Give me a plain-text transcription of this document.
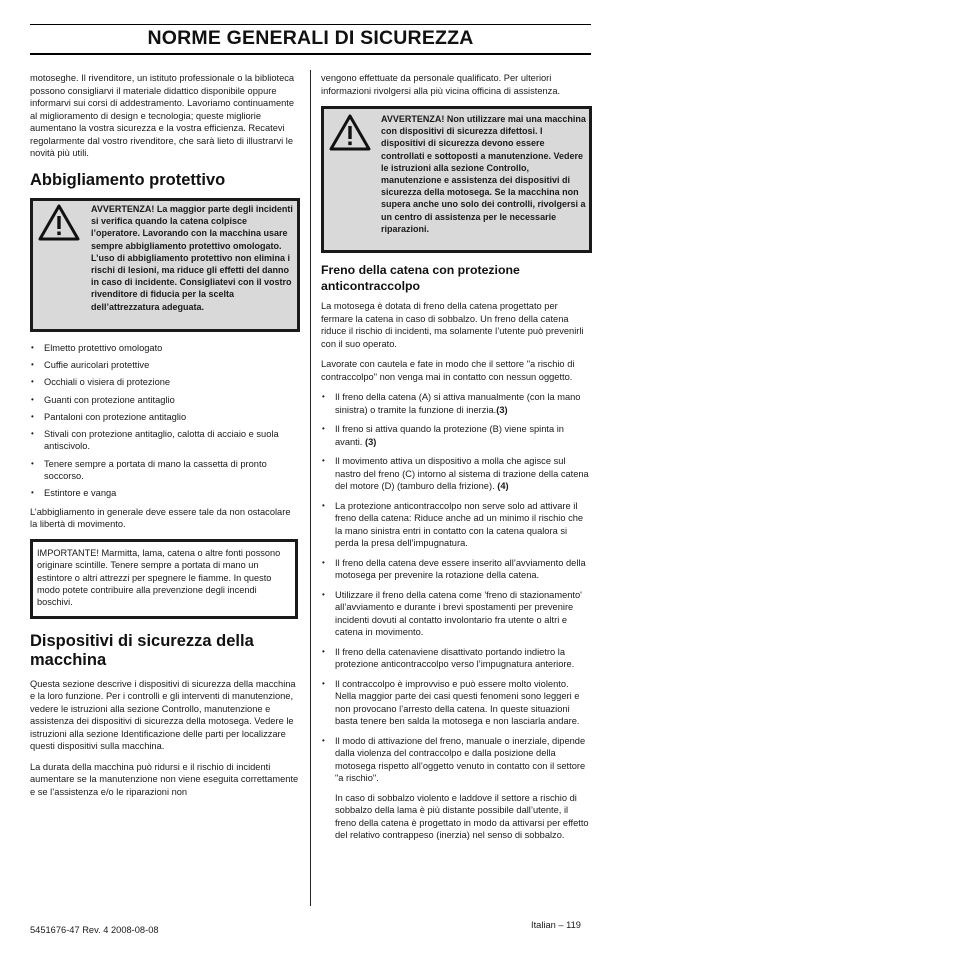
NORME GENERALI DI SICUREZZA

motoseghe. Il rivenditore, un istituto professionale o la biblioteca possono consigliarvi il materiale didattico disponibile oppure informarvi sui corsi di addestramento. Lavoriamo continuamente al miglioramento di design e tecnologia; queste migliorie aumentano la vostra sicurezza e la vostra efficienza. Recatevi regolarmente dal vostro rivenditore, che sarà lieto di illustrarvi le novità più utili.

Abbigliamento protettivo
AVVERTENZA! La maggior parte degli incidenti si verifica quando la catena colpisce l’operatore. Lavorando con la macchina usare sempre abbigliamento protettivo omologato. L’uso di abbigliamento protettivo non elimina i rischi di lesioni, ma riduce gli effetti del danno in caso di incidente. Consigliatevi con il vostro rivenditore di fiducia per la scelta dell’attrezzatura adeguata.
• Elmetto protettivo omologato
• Cuffie auricolari protettive
• Occhiali o visiera di protezione
• Guanti con protezione antitaglio
• Pantaloni con protezione antitaglio
• Stivali con protezione antitaglio, calotta di acciaio e suola antiscivolo.
• Tenere sempre a portata di mano la cassetta di pronto soccorso.
• Estintore e vanga

L’abbigliamento in generale deve essere tale da non ostacolare la libertà di movimento.

IMPORTANTE! Marmitta, lama, catena o altre fonti possono originare scintille. Tenere sempre a portata di mano un estintore o altri attrezzi per spegnere le fiamme. In questo modo potete contribuire alla prevenzione degli incendi boschivi.
Dispositivi di sicurezza della macchina

Questa sezione descrive i dispositivi di sicurezza della macchina e la loro funzione. Per i controlli e gli interventi di manutenzione, vedere le istruzioni alla sezione Controllo, manutenzione e assistenza dei dispositivi di sicurezza della motosega. Vedere le istruzioni alla sezione Identificazione delle parti per localizzare questi dispositivi sulla macchina.

La durata della macchina può ridursi e il rischio di incidenti aumentare se la manutenzione non viene eseguita correttamente e se l’assistenza e/o le riparazioni non

vengono effettuate da personale qualificato. Per ulteriori informazioni rivolgersi alla più vicina officina di assistenza.

AVVERTENZA! Non utilizzare mai una macchina con dispositivi di sicurezza difettosi. I dispositivi di sicurezza devono essere controllati e sottoposti a manutenzione. Vedere le istruzioni alla sezione Controllo, manutenzione e assistenza dei dispositivi di sicurezza della motosega. Se la macchina non supera anche uno solo dei controlli, rivolgersi a un centro di assistenza per le necessarie riparazioni.
Freno della catena con protezione anticontraccolpo

La motosega è dotata di freno della catena progettato per fermare la catena in caso di sobbalzo. Un freno della catena riduce il rischio di incidenti, ma solamente l’utente può prevenirli con il suo operato.

Lavorate con cautela e fate in modo che il settore "a rischio di contraccolpo" non venga mai in contatto con nessun oggetto.

• Il freno della catena (A) si attiva manualmente (con la mano sinistra) o tramite la funzione di inerzia.(3)
• Il freno si attiva quando la protezione (B) viene spinta in avanti. (3)
• Il movimento attiva un dispositivo a molla che agisce sul nastro del freno (C) intorno al sistema di trazione della catena del motore (D) (tamburo della frizione). (4)
• La protezione anticontraccolpo non serve solo ad attivare il freno della catena: Riduce anche ad un minimo il rischio che la mano sinistra entri in contatto con la catena qualora si perda la presa dell’impugnatura.
• Il freno della catena deve essere inserito all’avviamento della motosega per prevenire la rotazione della catena.
• Utilizzare il freno della catena come 'freno di stazionamento' all’avviamento e durante i brevi spostamenti per prevenire incidenti dovuti al contatto involontario fra utente o altri e catena in movimento.
• Il freno della catenaviene disattivato portando indietro la protezione anticontraccolpo verso l’impugnatura anteriore.
• Il contraccolpo è improvviso e può essere molto violento. Nella maggior parte dei casi questi fenomeni sono leggeri e non provocano l’arresto della catena. In queste situazioni basta tenere ben salda la motosega e non lasciarla andare.
• Il modo di attivazione del freno, manuale o inerziale, dipende dalla violenza del contraccolpo e dalla posizione della motosega rispetto all’oggetto venuto in contatto con il settore "a rischio".

In caso di sobbalzo violento e laddove il settore a rischio di sobbalzo della lama è più distante possibile dall’utente, il freno della catena è progettato in modo da attivarsi per effetto del relativo contrappeso (inerzia) nel senso di sobbalzo.

5451676-47 Rev. 4 2008-08-08	Italian – 119
